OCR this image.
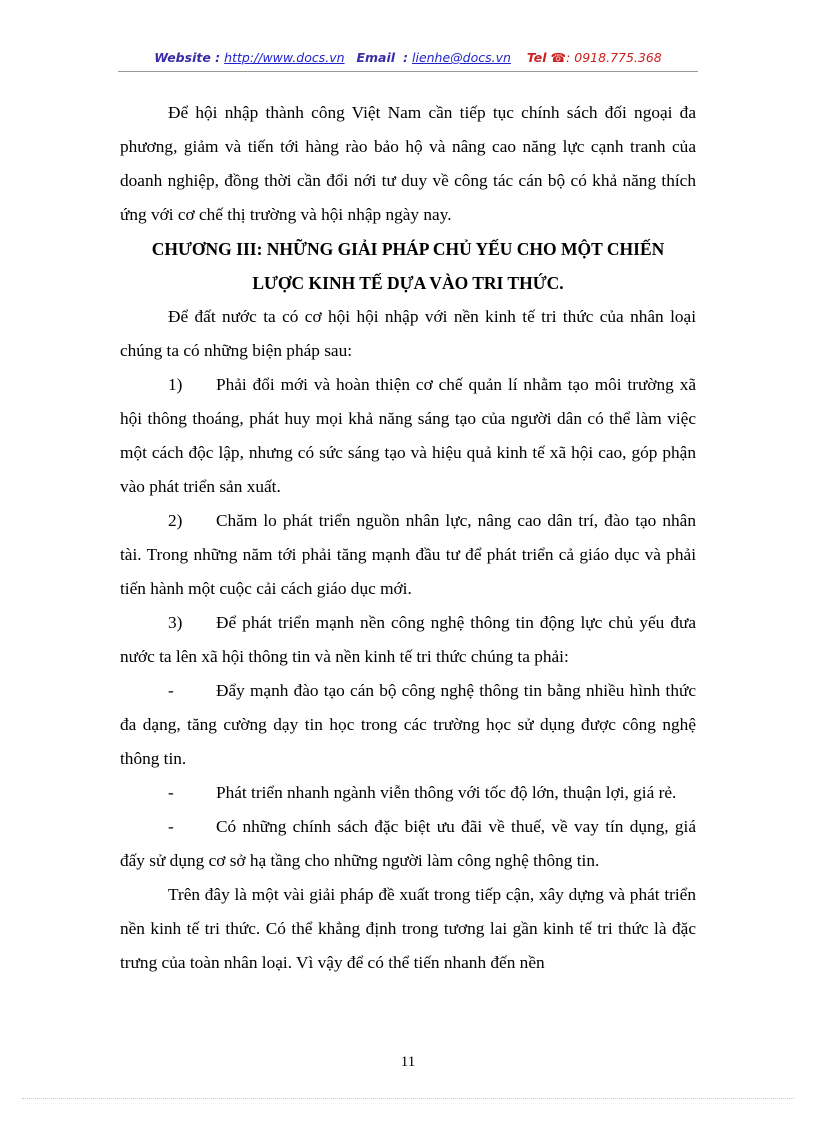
Website : http://www.docs.vn Email : lienhe@docs.vn Tel ☎: 0918.775.368

Để hội nhập thành công Việt Nam cần tiếp tục chính sách đối ngoại đa phương, giảm và tiến tới hàng rào bảo hộ và nâng cao năng lực cạnh tranh của doanh nghiệp, đồng thời cần đổi nới tư duy về công tác cán bộ có khả năng thích ứng với cơ chế thị trường và hội nhập ngày nay.

CHƯƠNG III: NHỮNG GIẢI PHÁP CHỦ YẾU CHO MỘT CHIẾN

LƯỢC KINH TẾ DỰA VÀO TRI THỨC.

Để đất nước ta có cơ hội hội nhập với nền kinh tế tri thức của nhân loại chúng ta có những biện pháp sau:

1) Phải đổi mới và hoàn thiện cơ chế quản lí nhằm tạo môi trường xã hội thông thoáng, phát huy mọi khả năng sáng tạo của người dân có thể làm việc một cách độc lập, nhưng có sức sáng tạo và hiệu quả kinh tế xã hội cao, góp phận vào phát triển sản xuất.

2) Chăm lo phát triển nguồn nhân lực, nâng cao dân trí, đào tạo nhân tài. Trong những năm tới phải tăng mạnh đầu tư để phát triển cả giáo dục và phải tiến hành một cuộc cải cách giáo dục mới.

3) Để phát triển mạnh nền công nghệ thông tin động lực chủ yếu đưa nước ta lên xã hội thông tin và nền kinh tế tri thức chúng ta phải:

- Đẩy mạnh đào tạo cán bộ công nghệ thông tin bằng nhiều hình thức đa dạng, tăng cường dạy tin học trong các trường học sử dụng được công nghệ thông tin.

- Phát triển nhanh ngành viễn thông với tốc độ lớn, thuận lợi, giá rẻ.

- Có những chính sách đặc biệt ưu đãi về thuế, về vay tín dụng, giá đấy sử dụng cơ sở hạ tầng cho những người làm công nghệ thông tin.

Trên đây là một vài giải pháp đề xuất trong tiếp cận, xây dựng và phát triển nền kinh tế tri thức. Có thể khẳng định trong tương lai gần kinh tế tri thức là đặc trưng của toàn nhân loại. Vì vậy để có thể tiến nhanh đến nền

11
